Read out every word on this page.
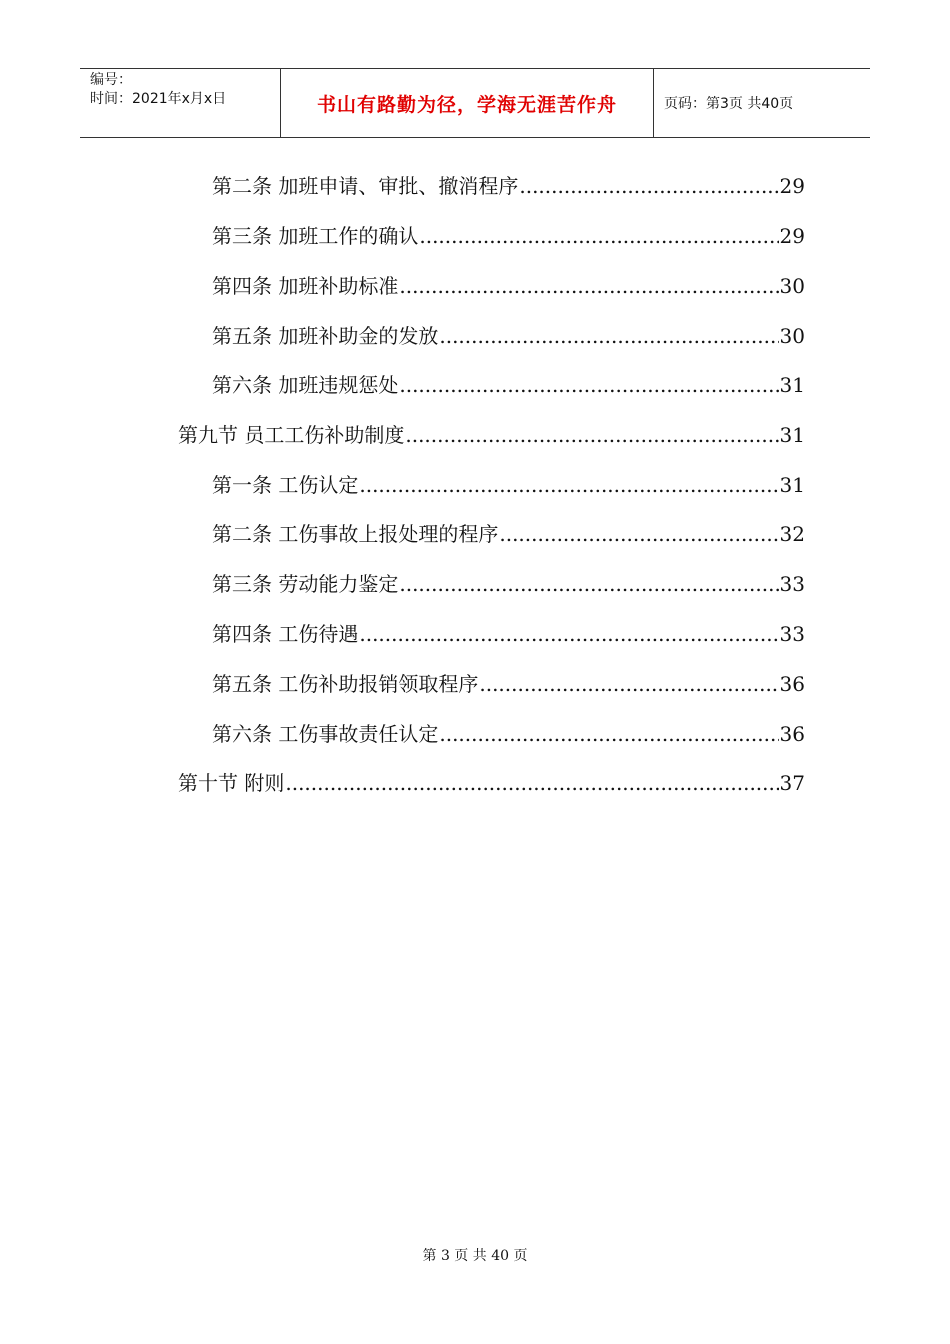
编号：
时间：2021年x月x日	书山有路勤为径，学海无涯苦作舟	页码：第3页 共40页
第二条 加班申请、审批、撤消程序 .....	29
第三条 加班工作的确认 .....	29
第四条 加班补助标准 .....	30
第五条 加班补助金的发放 .....	30
第六条 加班违规惩处 .....	31
第九节 员工工伤补助制度 .....	31
第一条 工伤认定 .....	31
第二条 工伤事故上报处理的程序 .....	32
第三条 劳动能力鉴定 .....	33
第四条 工伤待遇 .....	33
第五条 工伤补助报销领取程序 .....	36
第六条 工伤事故责任认定 .....	36
第十节 附则 .....	37
第 3 页 共 40 页
